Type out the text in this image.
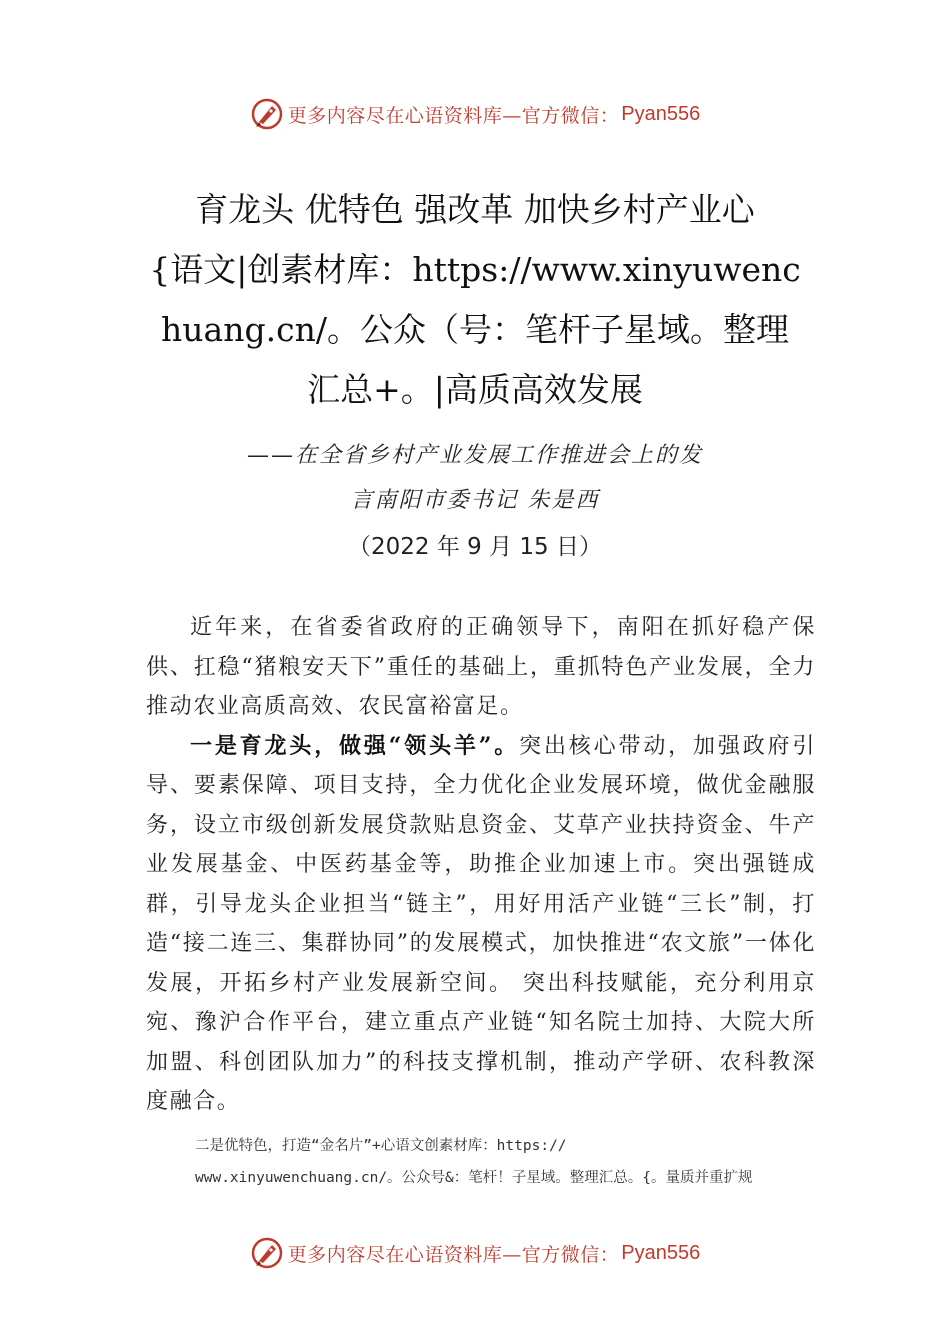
更多内容尽在心语资料库—官方微信： Pyan556
育龙头 优特色 强改革 加快乡村产业心
{语文|创素材库：https://www.xinyuwenc
huang.cn/。公众（号：笔杆子星域。整理
汇总+。|高质高效发展
——在全省乡村产业发展工作推进会上的发
言南阳市委书记 朱是西
（2022 年 9 月 15 日）

近年来，在省委省政府的正确领导下，南阳在抓好稳产保供、扛稳“猪粮安天下”重任的基础上，重抓特色产业发展，全力推动农业高质高效、农民富裕富足。

一是育龙头，做强“领头羊”。突出核心带动，加强政府引导、要素保障、项目支持，全力优化企业发展环境，做优金融服务，设立市级创新发展贷款贴息资金、艾草产业扶持资金、牛产业发展基金、中医药基金等，助推企业加速上市。突出强链成群，引导龙头企业担当“链主”，用好用活产业链“三长”制，打造“接二连三、集群协同”的发展模式，加快推进“农文旅”一体化发展，开拓乡村产业发展新空间。 突出科技赋能，充分利用京宛、豫沪合作平台，建立重点产业链“知名院士加持、大院大所加盟、科创团队加力”的科技支撑机制，推动产学研、农科教深度融合。

二是优特色，打造“金名片”+心语文创素材库：https://
www.xinyuwenchuang.cn/。公众号&：笔杆！子星域。整理汇总。{。量质并重扩规
更多内容尽在心语资料库—官方微信： Pyan556
